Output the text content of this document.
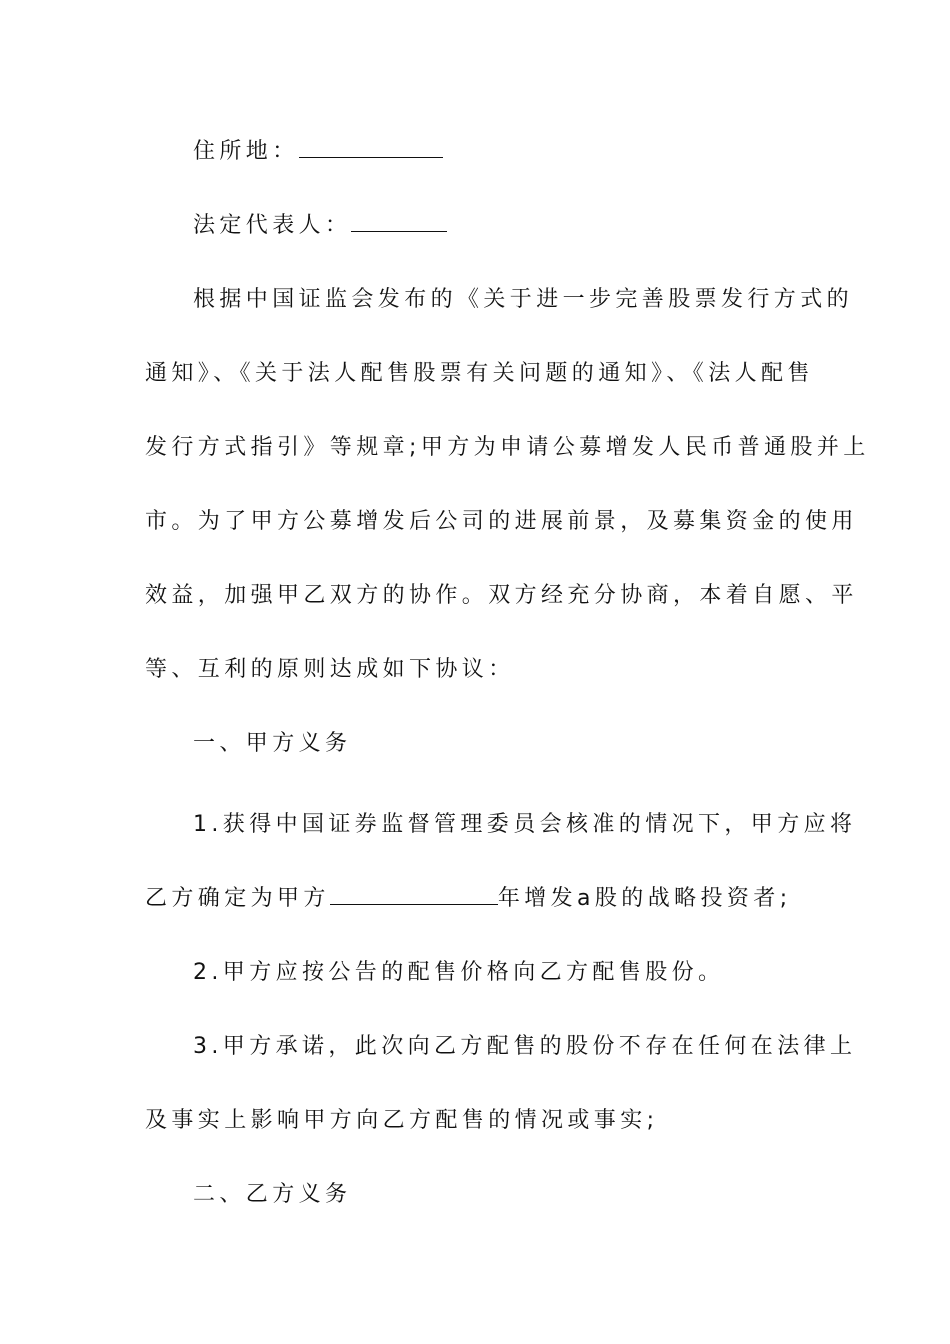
住所地：
法定代表人：
根据中国证监会发布的《关于进一步完善股票发行方式的
通知》、《关于法人配售股票有关问题的通知》、《法人配售
发行方式指引》等规章;甲方为申请公募增发人民币普通股并上
市。为了甲方公募增发后公司的进展前景，及募集资金的使用
效益，加强甲乙双方的协作。双方经充分协商，本着自愿、平
等、互利的原则达成如下协议：
一、甲方义务
1.获得中国证券监督管理委员会核准的情况下，甲方应将
乙方确定为甲方	年增发a股的战略投资者;
2.甲方应按公告的配售价格向乙方配售股份。
3.甲方承诺，此次向乙方配售的股份不存在任何在法律上
及事实上影响甲方向乙方配售的情况或事实;
二、乙方义务
